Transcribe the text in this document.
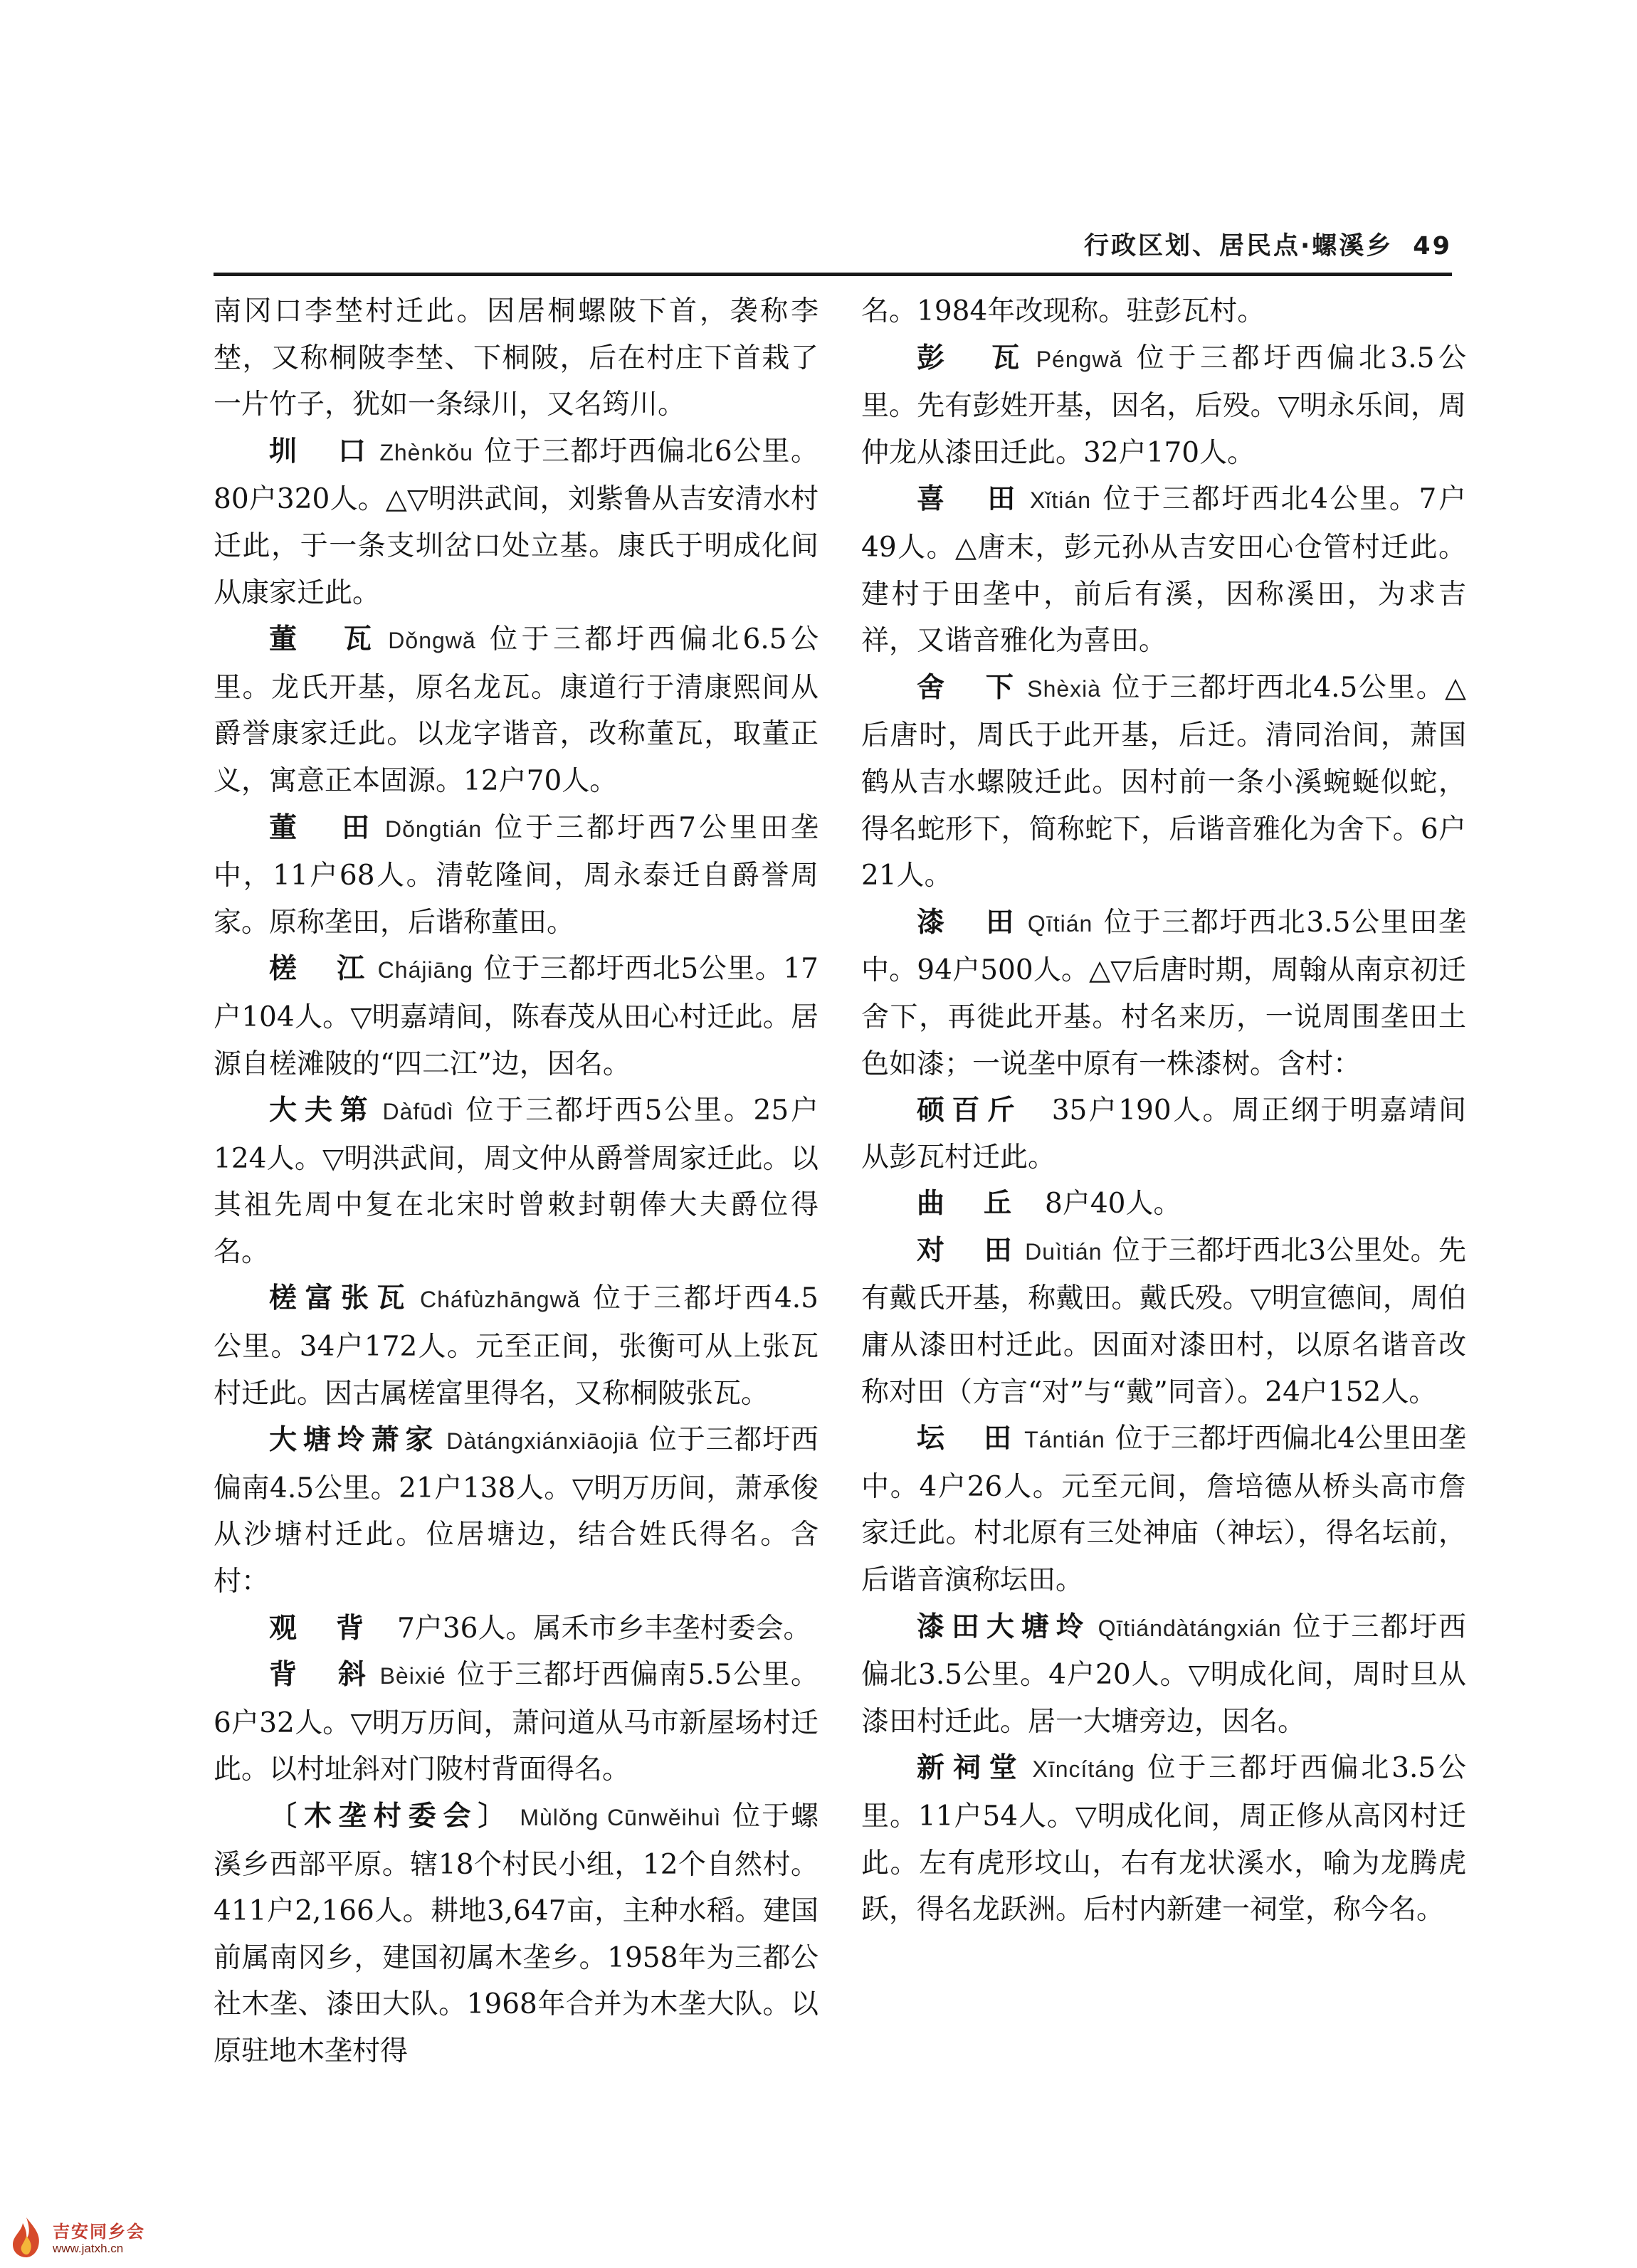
行政区划、居民点·螺溪乡 49

南冈口李埜村迁此。因居桐螺陂下首，袭称李埜，又称桐陂李埜、下桐陂，后在村庄下首栽了一片竹子，犹如一条绿川，又名筠川。

圳　口 Zhènkǒu 位于三都圩西偏北6公里。80户320人。△▽明洪武间，刘紫鲁从吉安清水村迁此，于一条支圳岔口处立基。康氏于明成化间从康家迁此。

董　瓦 Dǒngwǎ 位于三都圩西偏北6.5公里。龙氏开基，原名龙瓦。康道行于清康熙间从爵誉康家迁此。以龙字谐音，改称董瓦，取董正义，寓意正本固源。12户70人。

董　田 Dǒngtián 位于三都圩西7公里田垄中，11户68人。清乾隆间，周永泰迁自爵誉周家。原称垄田，后谐称董田。

槎　江 Chájiāng 位于三都圩西北5公里。17户104人。▽明嘉靖间，陈春茂从田心村迁此。居源自槎滩陂的“四二江”边，因名。

大夫第 Dàfūdì 位于三都圩西5公里。25户124人。▽明洪武间，周文仲从爵誉周家迁此。以其祖先周中复在北宋时曾敕封朝俸大夫爵位得名。

槎富张瓦 Cháfùzhāngwǎ 位于三都圩西4.5公里。34户172人。元至正间，张衡可从上张瓦村迁此。因古属槎富里得名，又称桐陂张瓦。

大塘坽萧家 Dàtángxiánxiāojiā 位于三都圩西偏南4.5公里。21户138人。▽明万历间，萧承俊从沙塘村迁此。位居塘边，结合姓氏得名。含村：

观　背　 7户36人。属禾市乡丰垄村委会。

背　斜 Bèixié 位于三都圩西偏南5.5公里。6户32人。▽明万历间，萧问道从马市新屋场村迁此。以村址斜对门陂村背面得名。

〔木垄村委会〕 Mùlǒng Cūnwěihuì 位于螺溪乡西部平原。辖18个村民小组，12个自然村。411户2,166人。耕地3,647亩，主种水稻。建国前属南冈乡，建国初属木垄乡。1958年为三都公社木垄、漆田大队。1968年合并为木垄大队。以原驻地木垄村得

名。1984年改现称。驻彭瓦村。

彭　瓦 Péngwǎ 位于三都圩西偏北3.5公里。先有彭姓开基，因名，后殁。▽明永乐间，周仲龙从漆田迁此。32户170人。

喜　田 Xǐtián 位于三都圩西北4公里。7户49人。△唐末，彭元孙从吉安田心仓管村迁此。建村于田垄中，前后有溪，因称溪田，为求吉祥，又谐音雅化为喜田。

舍　下 Shèxià 位于三都圩西北4.5公里。△后唐时，周氏于此开基，后迁。清同治间，萧国鹤从吉水螺陂迁此。因村前一条小溪蜿蜒似蛇，得名蛇形下，简称蛇下，后谐音雅化为舍下。6户21人。

漆　田 Qītián 位于三都圩西北3.5公里田垄中。94户500人。△▽后唐时期，周翰从南京初迁舍下，再徙此开基。村名来历，一说周围垄田土色如漆；一说垄中原有一株漆树。含村：

硕百斤　 35户190人。周正纲于明嘉靖间从彭瓦村迁此。

曲　丘　 8户40人。

对　田 Duìtián 位于三都圩西北3公里处。先有戴氏开基，称戴田。戴氏殁。▽明宣德间，周伯庸从漆田村迁此。因面对漆田村，以原名谐音改称对田（方言“对”与“戴”同音）。24户152人。

坛　田 Tántián 位于三都圩西偏北4公里田垄中。4户26人。元至元间，詹培德从桥头高市詹家迁此。村北原有三处神庙（神坛），得名坛前，后谐音演称坛田。

漆田大塘坽 Qītiándàtángxián 位于三都圩西偏北3.5公里。4户20人。▽明成化间，周时旦从漆田村迁此。居一大塘旁边，因名。

新祠堂 Xīncítáng 位于三都圩西偏北3.5公里。11户54人。▽明成化间，周正修从高冈村迁此。左有虎形坟山，右有龙状溪水，喻为龙腾虎跃，得名龙跃洲。后村内新建一祠堂，称今名。

吉安同乡会
www.jatxh.cn
